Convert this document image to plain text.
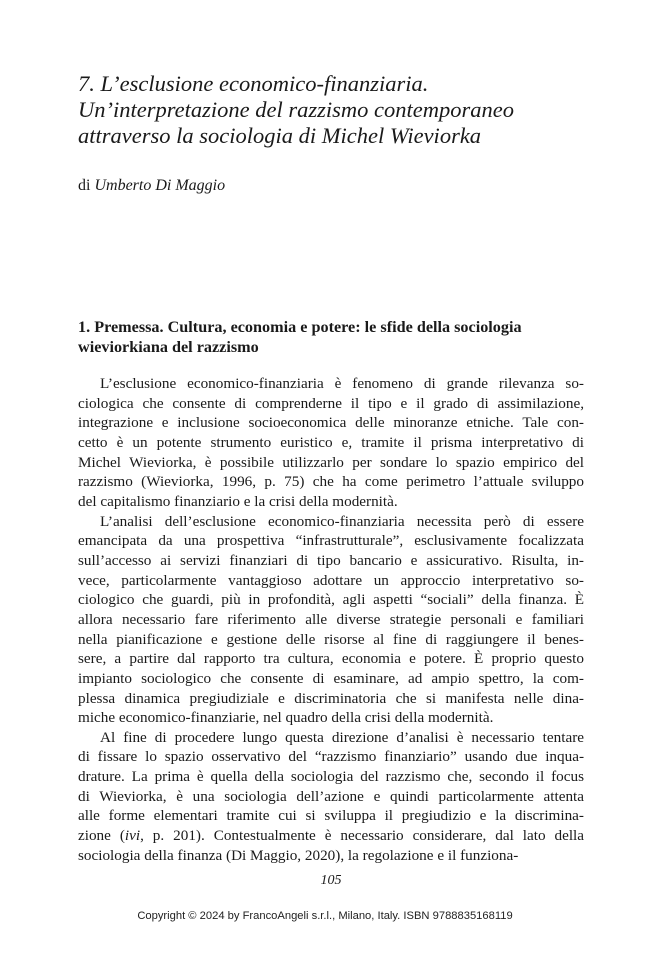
7. L’esclusione economico-finanziaria.
Un’interpretazione del razzismo contemporaneo
attraverso la sociologia di Michel Wieviorka

di Umberto Di Maggio

1. Premessa. Cultura, economia e potere: le sfide della sociologia
wieviorkiana del razzismo

L’esclusione economico-finanziaria è fenomeno di grande rilevanza so-
ciologica che consente di comprenderne il tipo e il grado di assimilazione,
integrazione e inclusione socioeconomica delle minoranze etniche. Tale con-
cetto è un potente strumento euristico e, tramite il prisma interpretativo di
Michel Wieviorka, è possibile utilizzarlo per sondare lo spazio empirico del
razzismo (Wieviorka, 1996, p. 75) che ha come perimetro l’attuale sviluppo
del capitalismo finanziario e la crisi della modernità.

L’analisi dell’esclusione economico-finanziaria necessita però di essere
emancipata da una prospettiva “infrastrutturale”, esclusivamente focalizzata
sull’accesso ai servizi finanziari di tipo bancario e assicurativo. Risulta, in-
vece, particolarmente vantaggioso adottare un approccio interpretativo so-
ciologico che guardi, più in profondità, agli aspetti “sociali” della finanza. È
allora necessario fare riferimento alle diverse strategie personali e familiari
nella pianificazione e gestione delle risorse al fine di raggiungere il benes-
sere, a partire dal rapporto tra cultura, economia e potere. È proprio questo
impianto sociologico che consente di esaminare, ad ampio spettro, la com-
plessa dinamica pregiudiziale e discriminatoria che si manifesta nelle dina-
miche economico-finanziarie, nel quadro della crisi della modernità.

Al fine di procedere lungo questa direzione d’analisi è necessario tentare
di fissare lo spazio osservativo del “razzismo finanziario” usando due inqua-
drature. La prima è quella della sociologia del razzismo che, secondo il focus
di Wieviorka, è una sociologia dell’azione e quindi particolarmente attenta
alle forme elementari tramite cui si sviluppa il pregiudizio e la discrimina-
zione (ivi, p. 201). Contestualmente è necessario considerare, dal lato della
sociologia della finanza (Di Maggio, 2020), la regolazione e il funziona-

105

Copyright © 2024 by FrancoAngeli s.r.l., Milano, Italy. ISBN 9788835168119
